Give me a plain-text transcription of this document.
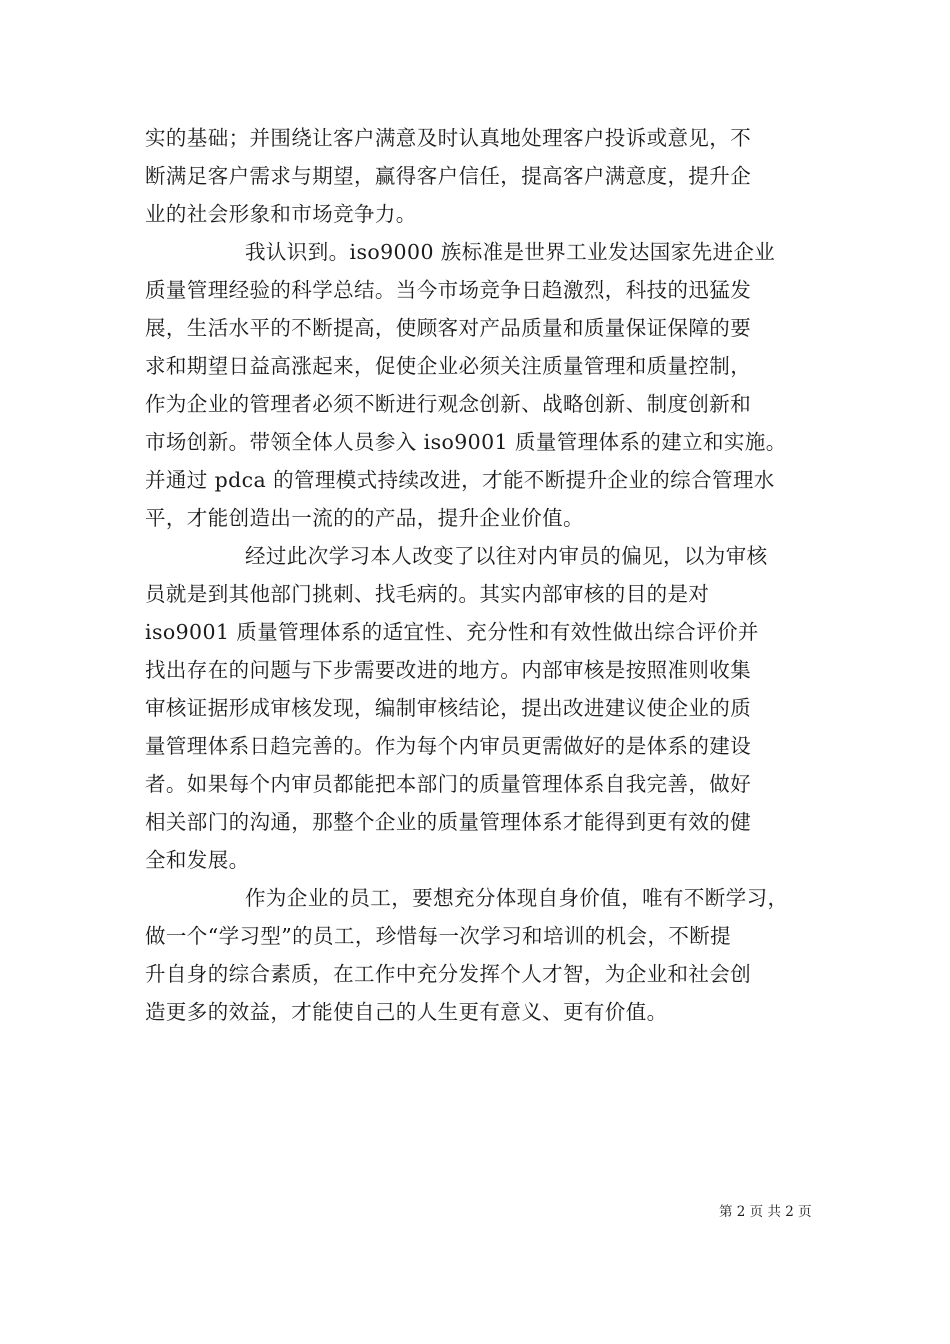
实的基础；并围绕让客户满意及时认真地处理客户投诉或意见，不
断满足客户需求与期望，赢得客户信任，提高客户满意度，提升企
业的社会形象和市场竞争力。
我认识到。iso9000 族标准是世界工业发达国家先进企业
质量管理经验的科学总结。当今市场竞争日趋激烈，科技的迅猛发
展，生活水平的不断提高，使顾客对产品质量和质量保证保障的要
求和期望日益高涨起来，促使企业必须关注质量管理和质量控制，
作为企业的管理者必须不断进行观念创新、战略创新、制度创新和
市场创新。带领全体人员参入 iso9001 质量管理体系的建立和实施。
并通过 pdca 的管理模式持续改进，才能不断提升企业的综合管理水
平，才能创造出一流的的产品，提升企业价值。
经过此次学习本人改变了以往对内审员的偏见，以为审核
员就是到其他部门挑刺、找毛病的。其实内部审核的目的是对
iso9001 质量管理体系的适宜性、充分性和有效性做出综合评价并
找出存在的问题与下步需要改进的地方。内部审核是按照准则收集
审核证据形成审核发现，编制审核结论，提出改进建议使企业的质
量管理体系日趋完善的。作为每个内审员更需做好的是体系的建设
者。如果每个内审员都能把本部门的质量管理体系自我完善，做好
相关部门的沟通，那整个企业的质量管理体系才能得到更有效的健
全和发展。
作为企业的员工，要想充分体现自身价值，唯有不断学习，
做一个“学习型”的员工，珍惜每一次学习和培训的机会，不断提
升自身的综合素质，在工作中充分发挥个人才智，为企业和社会创
造更多的效益，才能使自己的人生更有意义、更有价值。
第 2 页 共 2 页
